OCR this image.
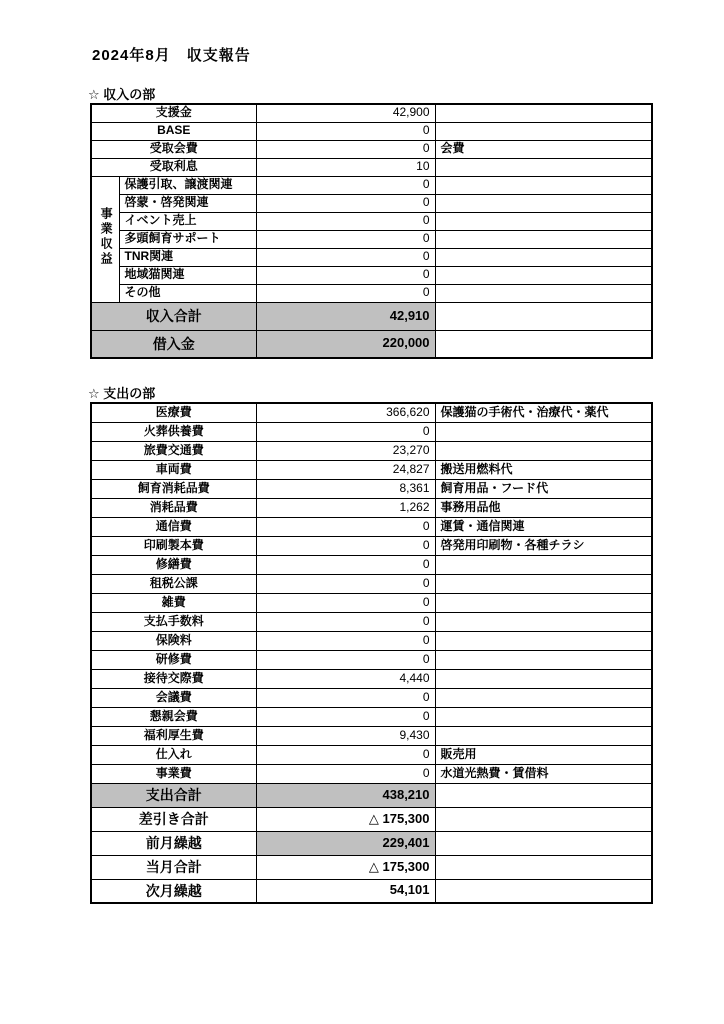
2024年8月　収支報告
☆ 収入の部
支援金		42,900	
BASE		0	
受取会費		0	会費
受取利息		10	
事業収益	保護引取、譲渡関連	0	
	啓蒙・啓発関連	0	
	イベント売上	0	
	多頭飼育サポート	0	
	TNR関連	0	
	地域猫関連	0	
	その他	0	
収入合計		42,910	
借入金		220,000	
☆ 支出の部
医療費	366,620	保護猫の手術代・治療代・薬代
火葬供養費	0	
旅費交通費	23,270	
車両費	24,827	搬送用燃料代
飼育消耗品費	8,361	飼育用品・フード代
消耗品費	1,262	事務用品他
通信費	0	運賃・通信関連
印刷製本費	0	啓発用印刷物・各種チラシ
修繕費	0	
租税公課	0	
雑費	0	
支払手数料	0	
保険料	0	
研修費	0	
接待交際費	4,440	
会議費	0	
懇親会費	0	
福利厚生費	9,430	
仕入れ	0	販売用
事業費	0	水道光熱費・賃借料
支出合計	438,210	
差引き合計	△ 175,300	
前月繰越	229,401	
当月合計	△ 175,300	
次月繰越	54,101	
